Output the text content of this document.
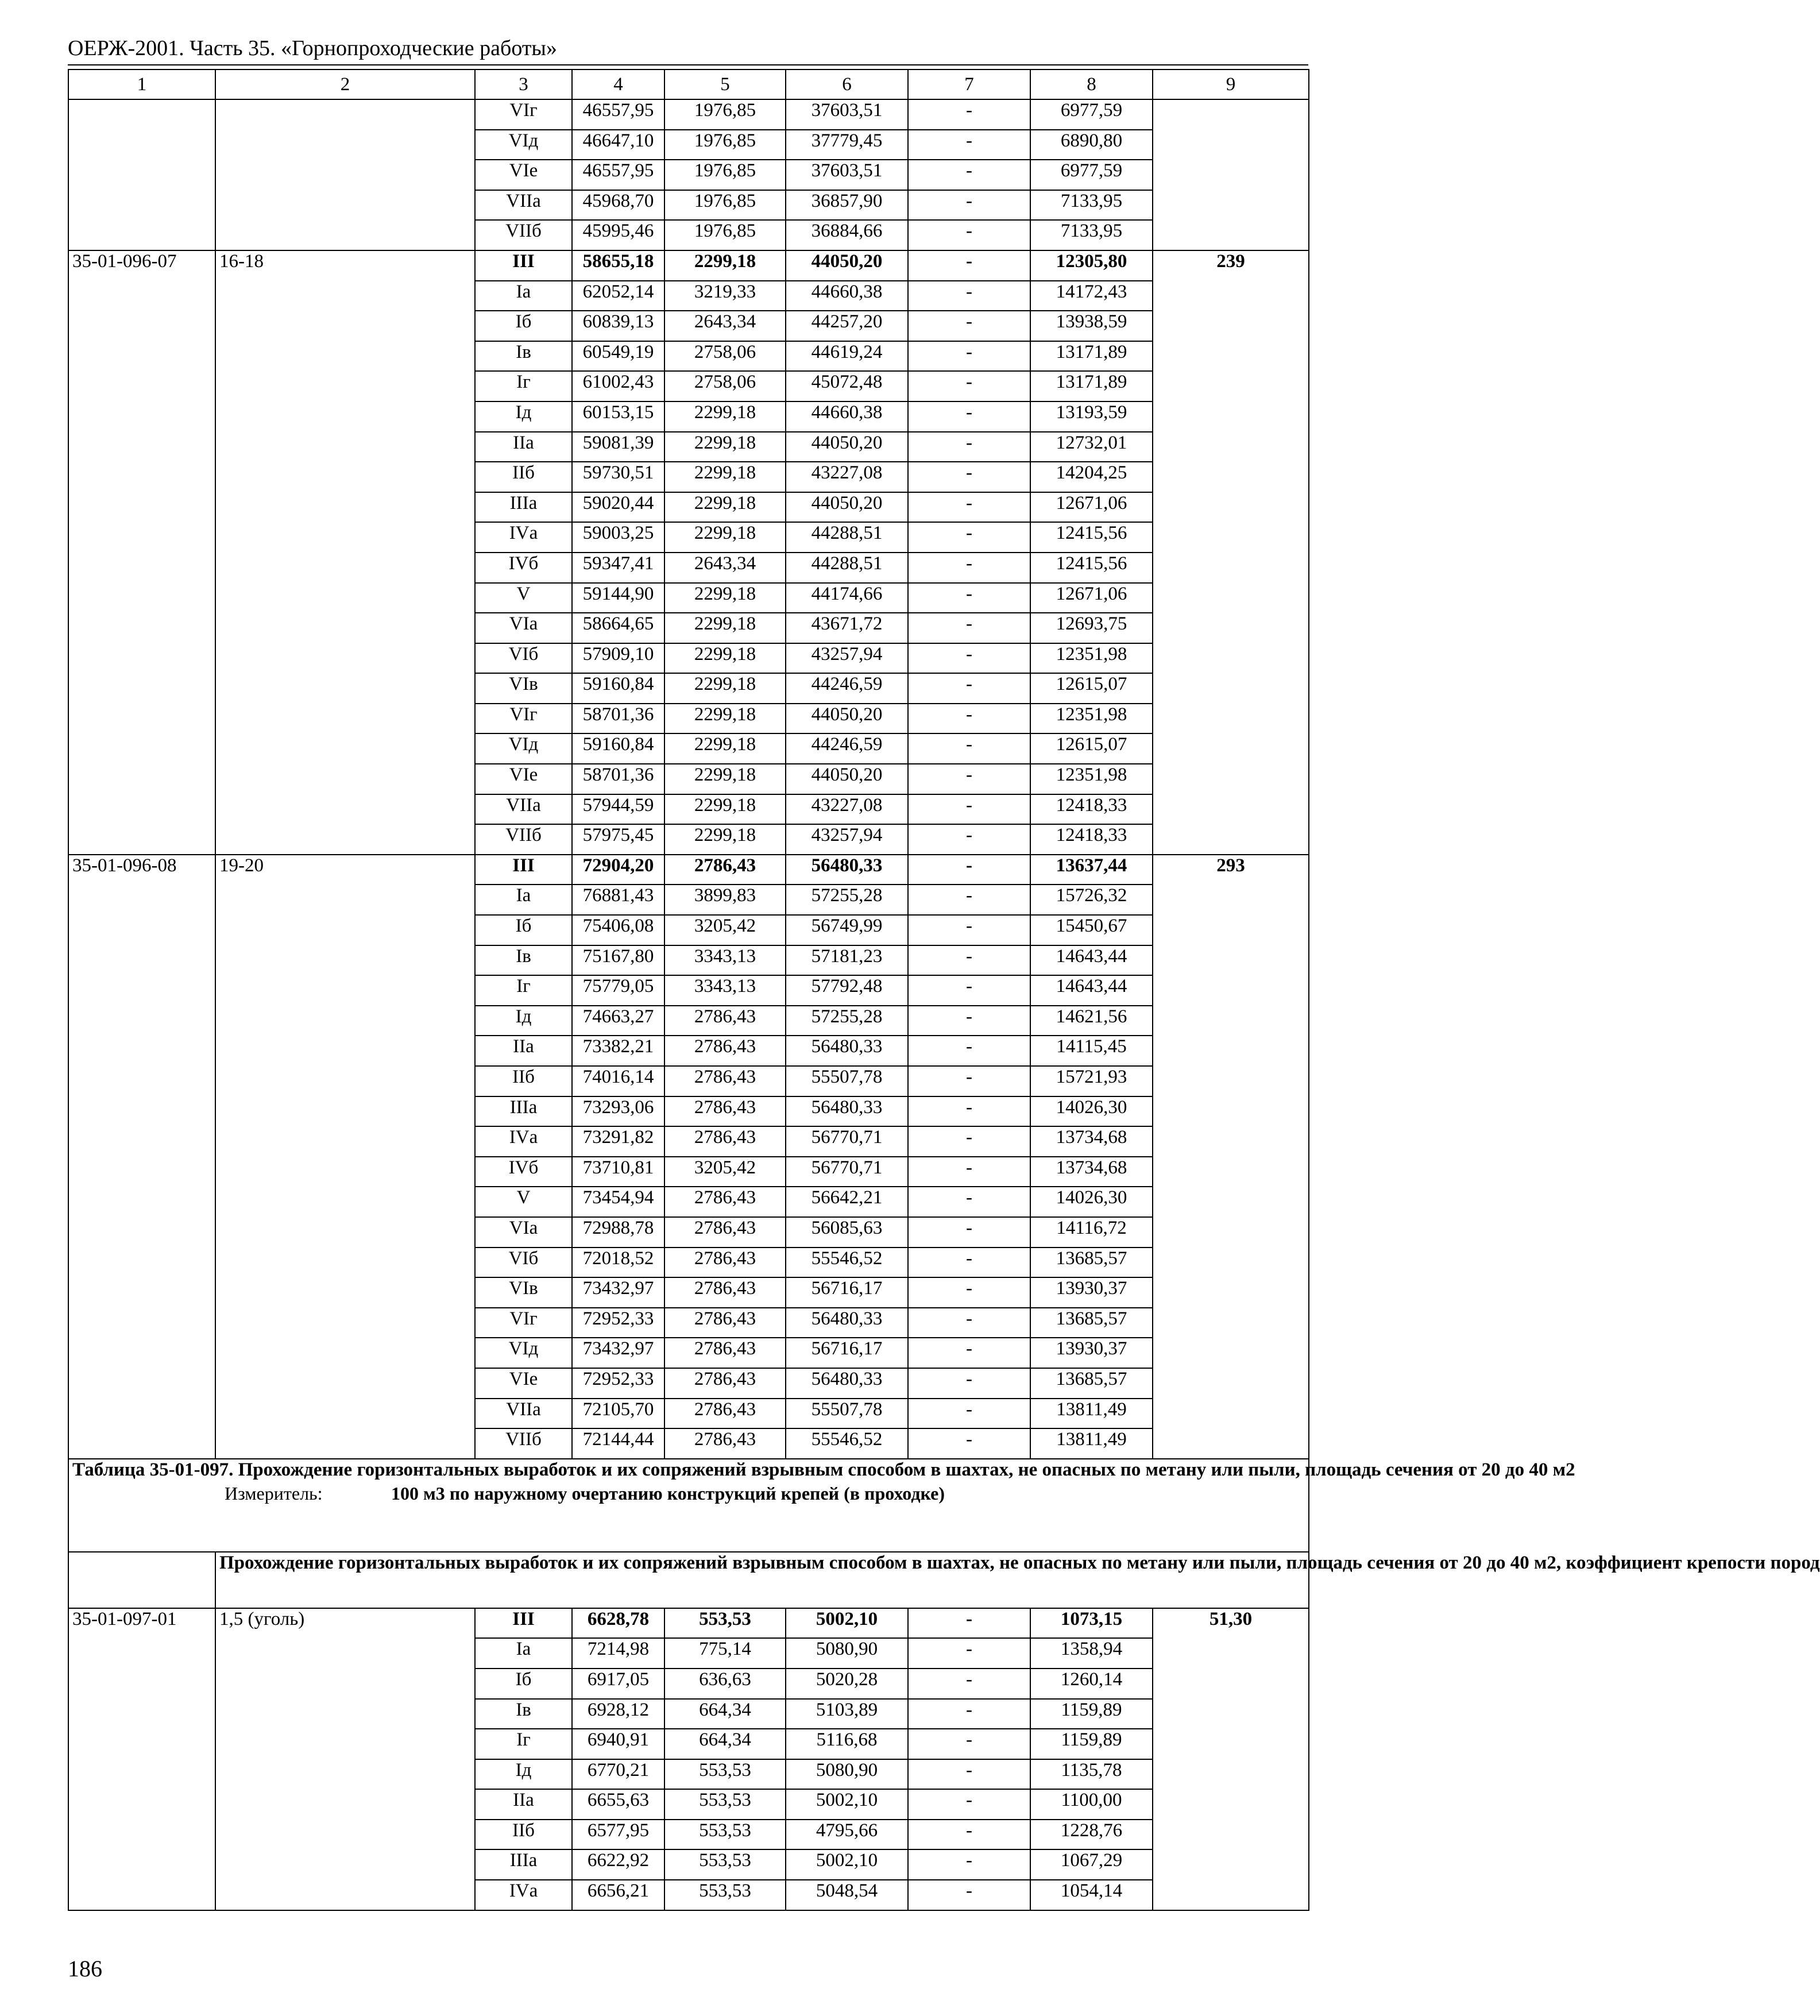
ОЕРЖ-2001. Часть 35. «Горнопроходческие работы»
1	2	3	4	5	6	7	8	9
		VIг	46557,95	1976,85	37603,51	-	6977,59	
		VIд	46647,10	1976,85	37779,45	-	6890,80	
		VIе	46557,95	1976,85	37603,51	-	6977,59	
		VIIа	45968,70	1976,85	36857,90	-	7133,95	
		VIIб	45995,46	1976,85	36884,66	-	7133,95	
35-01-096-07	16-18	III	58655,18	2299,18	44050,20	-	12305,80	239
		Iа	62052,14	3219,33	44660,38	-	14172,43	
		Iб	60839,13	2643,34	44257,20	-	13938,59	
		Iв	60549,19	2758,06	44619,24	-	13171,89	
		Iг	61002,43	2758,06	45072,48	-	13171,89	
		Iд	60153,15	2299,18	44660,38	-	13193,59	
		IIа	59081,39	2299,18	44050,20	-	12732,01	
		IIб	59730,51	2299,18	43227,08	-	14204,25	
		IIIа	59020,44	2299,18	44050,20	-	12671,06	
		IVа	59003,25	2299,18	44288,51	-	12415,56	
		IVб	59347,41	2643,34	44288,51	-	12415,56	
		V	59144,90	2299,18	44174,66	-	12671,06	
		VIа	58664,65	2299,18	43671,72	-	12693,75	
		VIб	57909,10	2299,18	43257,94	-	12351,98	
		VIв	59160,84	2299,18	44246,59	-	12615,07	
		VIг	58701,36	2299,18	44050,20	-	12351,98	
		VIд	59160,84	2299,18	44246,59	-	12615,07	
		VIе	58701,36	2299,18	44050,20	-	12351,98	
		VIIа	57944,59	2299,18	43227,08	-	12418,33	
		VIIб	57975,45	2299,18	43257,94	-	12418,33	
35-01-096-08	19-20	III	72904,20	2786,43	56480,33	-	13637,44	293
		Iа	76881,43	3899,83	57255,28	-	15726,32	
		Iб	75406,08	3205,42	56749,99	-	15450,67	
		Iв	75167,80	3343,13	57181,23	-	14643,44	
		Iг	75779,05	3343,13	57792,48	-	14643,44	
		Iд	74663,27	2786,43	57255,28	-	14621,56	
		IIа	73382,21	2786,43	56480,33	-	14115,45	
		IIб	74016,14	2786,43	55507,78	-	15721,93	
		IIIа	73293,06	2786,43	56480,33	-	14026,30	
		IVа	73291,82	2786,43	56770,71	-	13734,68	
		IVб	73710,81	3205,42	56770,71	-	13734,68	
		V	73454,94	2786,43	56642,21	-	14026,30	
		VIа	72988,78	2786,43	56085,63	-	14116,72	
		VIб	72018,52	2786,43	55546,52	-	13685,57	
		VIв	73432,97	2786,43	56716,17	-	13930,37	
		VIг	72952,33	2786,43	56480,33	-	13685,57	
		VIд	73432,97	2786,43	56716,17	-	13930,37	
		VIе	72952,33	2786,43	56480,33	-	13685,57	
		VIIа	72105,70	2786,43	55507,78	-	13811,49	
		VIIб	72144,44	2786,43	55546,52	-	13811,49	
Таблица 35-01-097. Прохождение горизонтальных выработок и их сопряжений взрывным способом в шахтах, не опасных по метану или пыли, площадь сечения от 20 до 40 м2
Измеритель: 100 м3 по наружному очертанию конструкций крепей (в проходке)								

	Прохождение горизонтальных выработок и их сопряжений взрывным способом в шахтах, не опасных по метану или пыли, площадь сечения от 20 до 40 м2, коэффициент крепости пород							
35-01-097-01	1,5 (уголь)	III	6628,78	553,53	5002,10	-	1073,15	51,30
		Iа	7214,98	775,14	5080,90	-	1358,94	
		Iб	6917,05	636,63	5020,28	-	1260,14	
		Iв	6928,12	664,34	5103,89	-	1159,89	
		Iг	6940,91	664,34	5116,68	-	1159,89	
		Iд	6770,21	553,53	5080,90	-	1135,78	
		IIа	6655,63	553,53	5002,10	-	1100,00	
		IIб	6577,95	553,53	4795,66	-	1228,76	
		IIIа	6622,92	553,53	5002,10	-	1067,29	
		IVа	6656,21	553,53	5048,54	-	1054,14	
186
